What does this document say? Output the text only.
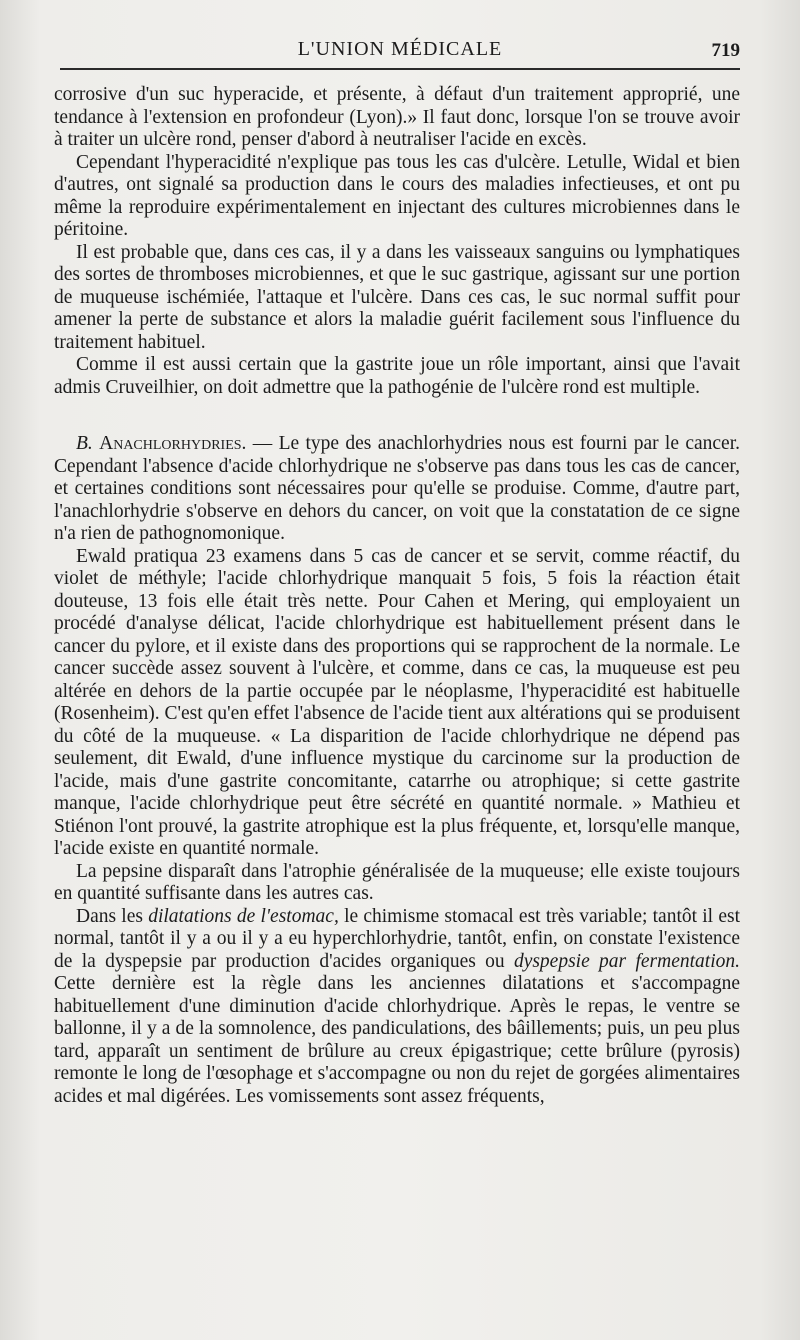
L'UNION MÉDICALE	719

corrosive d'un suc hyperacide, et présente, à défaut d'un traitement approprié, une tendance à l'extension en profondeur (Lyon).» Il faut donc, lorsque l'on se trouve avoir à traiter un ulcère rond, penser d'abord à neutraliser l'acide en excès.

Cependant l'hyperacidité n'explique pas tous les cas d'ulcère. Letulle, Widal et bien d'autres, ont signalé sa production dans le cours des maladies infectieuses, et ont pu même la reproduire expérimentalement en injectant des cultures microbiennes dans le péritoine.

Il est probable que, dans ces cas, il y a dans les vaisseaux sanguins ou lymphatiques des sortes de thromboses microbiennes, et que le suc gastrique, agissant sur une portion de muqueuse ischémiée, l'attaque et l'ulcère. Dans ces cas, le suc normal suffit pour amener la perte de substance et alors la maladie guérit facilement sous l'influence du traitement habituel.

Comme il est aussi certain que la gastrite joue un rôle important, ainsi que l'avait admis Cruveilhier, on doit admettre que la pathogénie de l'ulcère rond est multiple.

B. Anachlorhydries. — Le type des anachlorhydries nous est fourni par le cancer. Cependant l'absence d'acide chlorhydrique ne s'observe pas dans tous les cas de cancer, et certaines conditions sont nécessaires pour qu'elle se produise. Comme, d'autre part, l'anachlorhydrie s'observe en dehors du cancer, on voit que la constatation de ce signe n'a rien de pathognomonique.

Ewald pratiqua 23 examens dans 5 cas de cancer et se servit, comme réactif, du violet de méthyle; l'acide chlorhydrique manquait 5 fois, 5 fois la réaction était douteuse, 13 fois elle était très nette. Pour Cahen et Mering, qui employaient un procédé d'analyse délicat, l'acide chlorhydrique est habituellement présent dans le cancer du pylore, et il existe dans des proportions qui se rapprochent de la normale. Le cancer succède assez souvent à l'ulcère, et comme, dans ce cas, la muqueuse est peu altérée en dehors de la partie occupée par le néoplasme, l'hyperacidité est habituelle (Rosenheim). C'est qu'en effet l'absence de l'acide tient aux altérations qui se produisent du côté de la muqueuse. « La disparition de l'acide chlorhydrique ne dépend pas seulement, dit Ewald, d'une influence mystique du carcinome sur la production de l'acide, mais d'une gastrite concomitante, catarrhe ou atrophique; si cette gastrite manque, l'acide chlorhydrique peut être sécrété en quantité normale. » Mathieu et Stiénon l'ont prouvé, la gastrite atrophique est la plus fréquente, et, lorsqu'elle manque, l'acide existe en quantité normale.

La pepsine disparaît dans l'atrophie généralisée de la muqueuse; elle existe toujours en quantité suffisante dans les autres cas.

Dans les dilatations de l'estomac, le chimisme stomacal est très variable; tantôt il est normal, tantôt il y a ou il y a eu hyperchlorhydrie, tantôt, enfin, on constate l'existence de la dyspepsie par production d'acides organiques ou dyspepsie par fermentation. Cette dernière est la règle dans les anciennes dilatations et s'accompagne habituellement d'une diminution d'acide chlorhydrique. Après le repas, le ventre se ballonne, il y a de la somnolence, des pandiculations, des bâillements; puis, un peu plus tard, apparaît un sentiment de brûlure au creux épigastrique; cette brûlure (pyrosis) remonte le long de l'œsophage et s'accompagne ou non du rejet de gorgées alimentaires acides et mal digérées. Les vomissements sont assez fréquents,
